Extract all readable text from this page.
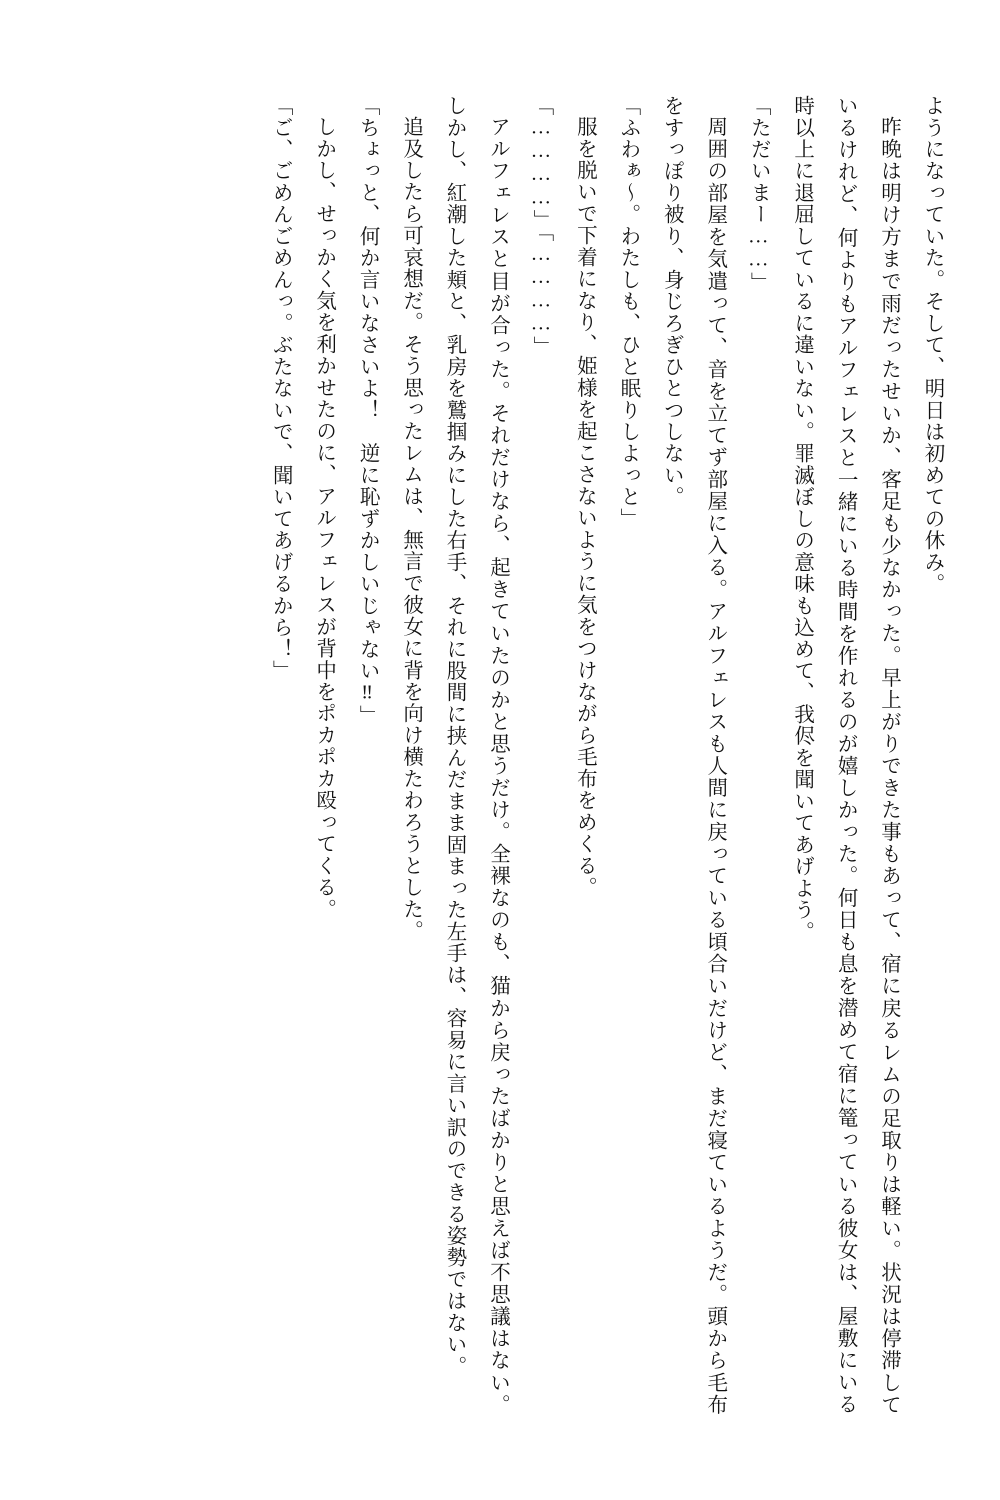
ようになっていた。そして、明日は初めての休み。

昨晩は明け方まで雨だったせいか、客足も少なかった。早上がりできた事もあって、宿に戻るレムの足取りは軽い。状況は停滞しているけれど、何よりもアルフェレスと一緒にいる時間を作れるのが嬉しかった。何日も息を潜めて宿に篭っている彼女は、屋敷にいる時以上に退屈しているに違いない。罪滅ぼしの意味も込めて、我侭を聞いてあげよう。

「ただいまー……」

周囲の部屋を気遣って、音を立てず部屋に入る。アルフェレスも人間に戻っている頃合いだけど、まだ寝ているようだ。頭から毛布をすっぽり被り、身じろぎひとつしない。

「ふわぁ〜。わたしも、ひと眠りしよっと」

服を脱いで下着になり、姫様を起こさないように気をつけながら毛布をめくる。

「…………」「…………」

アルフェレスと目が合った。それだけなら、起きていたのかと思うだけ。全裸なのも、猫から戻ったばかりと思えば不思議はない。しかし、紅潮した頬と、乳房を鷲掴みにした右手、それに股間に挟んだまま固まった左手は、容易に言い訳のできる姿勢ではない。

追及したら可哀想だ。そう思ったレムは、無言で彼女に背を向け横たわろうとした。

「ちょっと、何か言いなさいよ！　逆に恥ずかしいじゃない‼」

しかし、せっかく気を利かせたのに、アルフェレスが背中をポカポカ殴ってくる。

「ご、ごめんごめんっ。ぶたないで、聞いてあげるから！」
